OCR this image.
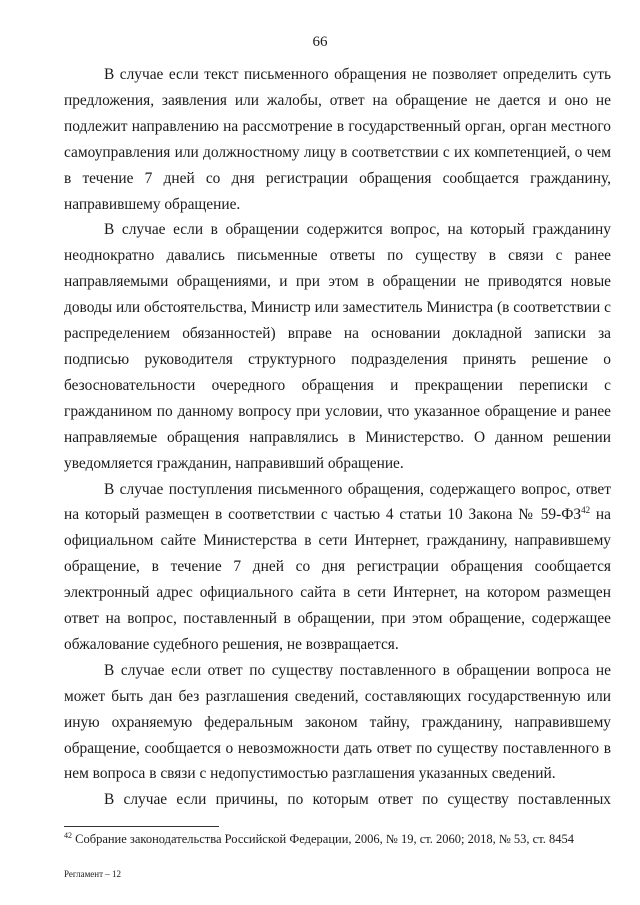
66

В случае если текст письменного обращения не позволяет определить суть предложения, заявления или жалобы, ответ на обращение не дается и оно не подлежит направлению на рассмотрение в государственный орган, орган местного самоуправления или должностному лицу в соответствии с их компетенцией, о чем в течение 7 дней со дня регистрации обращения сообщается гражданину, направившему обращение.

В случае если в обращении содержится вопрос, на который гражданину неоднократно давались письменные ответы по существу в связи с ранее направляемыми обращениями, и при этом в обращении не приводятся новые доводы или обстоятельства, Министр или заместитель Министра (в соответствии с распределением обязанностей) вправе на основании докладной записки за подписью руководителя структурного подразделения принять решение о безосновательности очередного обращения и прекращении переписки с гражданином по данному вопросу при условии, что указанное обращение и ранее направляемые обращения направлялись в Министерство. О данном решении уведомляется гражданин, направивший обращение.

В случае поступления письменного обращения, содержащего вопрос, ответ на который размещен в соответствии с частью 4 статьи 10 Закона № 59-ФЗ$^{42}$ на официальном сайте Министерства в сети Интернет, гражданину, направившему обращение, в течение 7 дней со дня регистрации обращения сообщается электронный адрес официального сайта в сети Интернет, на котором размещен ответ на вопрос, поставленный в обращении, при этом обращение, содержащее обжалование судебного решения, не возвращается.

В случае если ответ по существу поставленного в обращении вопроса не может быть дан без разглашения сведений, составляющих государственную или иную охраняемую федеральным законом тайну, гражданину, направившему обращение, сообщается о невозможности дать ответ по существу поставленного в нем вопроса в связи с недопустимостью разглашения указанных сведений.

В случае если причины, по которым ответ по существу поставленных

$^{42}$ Собрание законодательства Российской Федерации, 2006, № 19, ст. 2060; 2018, № 53, ст. 8454
Регламент – 12
